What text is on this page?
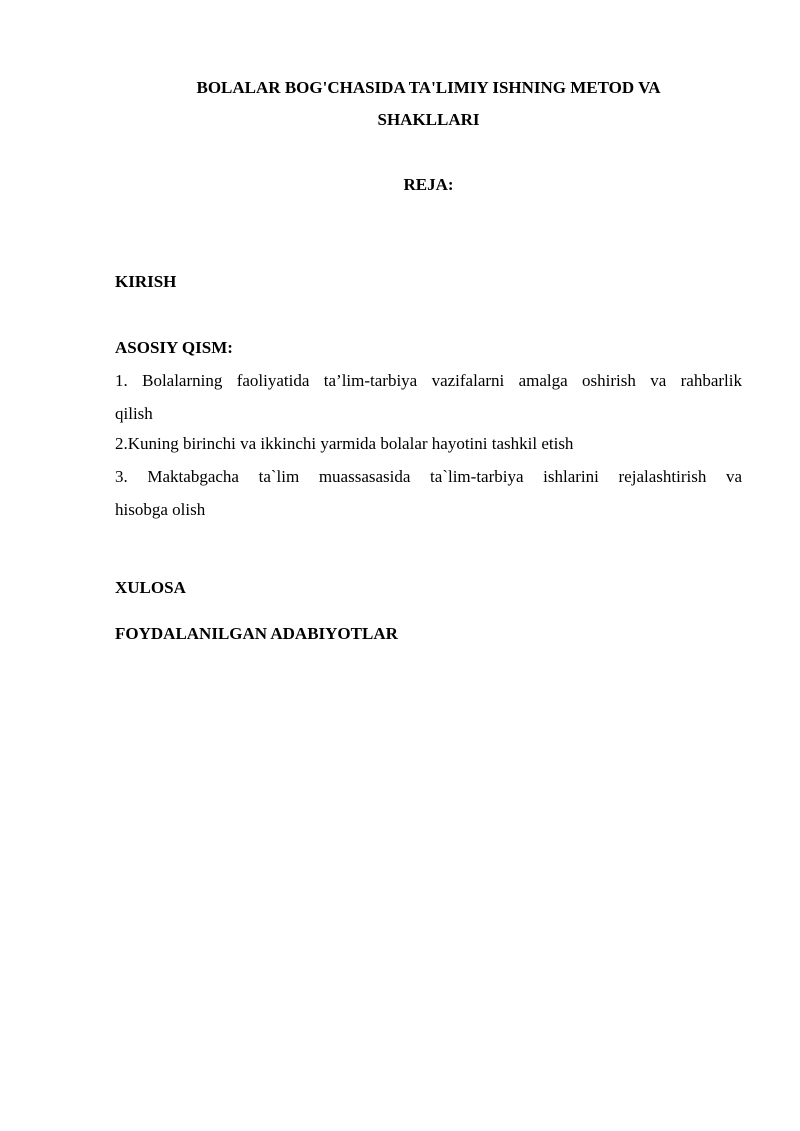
BOLALAR BOG'CHASIDA TA'LIMIY ISHNING METOD VA
SHAKLLARI
REJA:
KIRISH
ASOSIY QISM:
1. Bolalarning faoliyatida ta’lim-tarbiya vazifalarni amalga oshirish va rahbarlik
qilish
2.Kuning birinchi va ikkinchi yarmida bolalar hayotini tashkil etish
3. Maktabgacha ta`lim muassasasida ta`lim-tarbiya ishlarini rejalashtirish va
hisobga olish
XULOSA
FOYDALANILGAN ADABIYOTLAR
